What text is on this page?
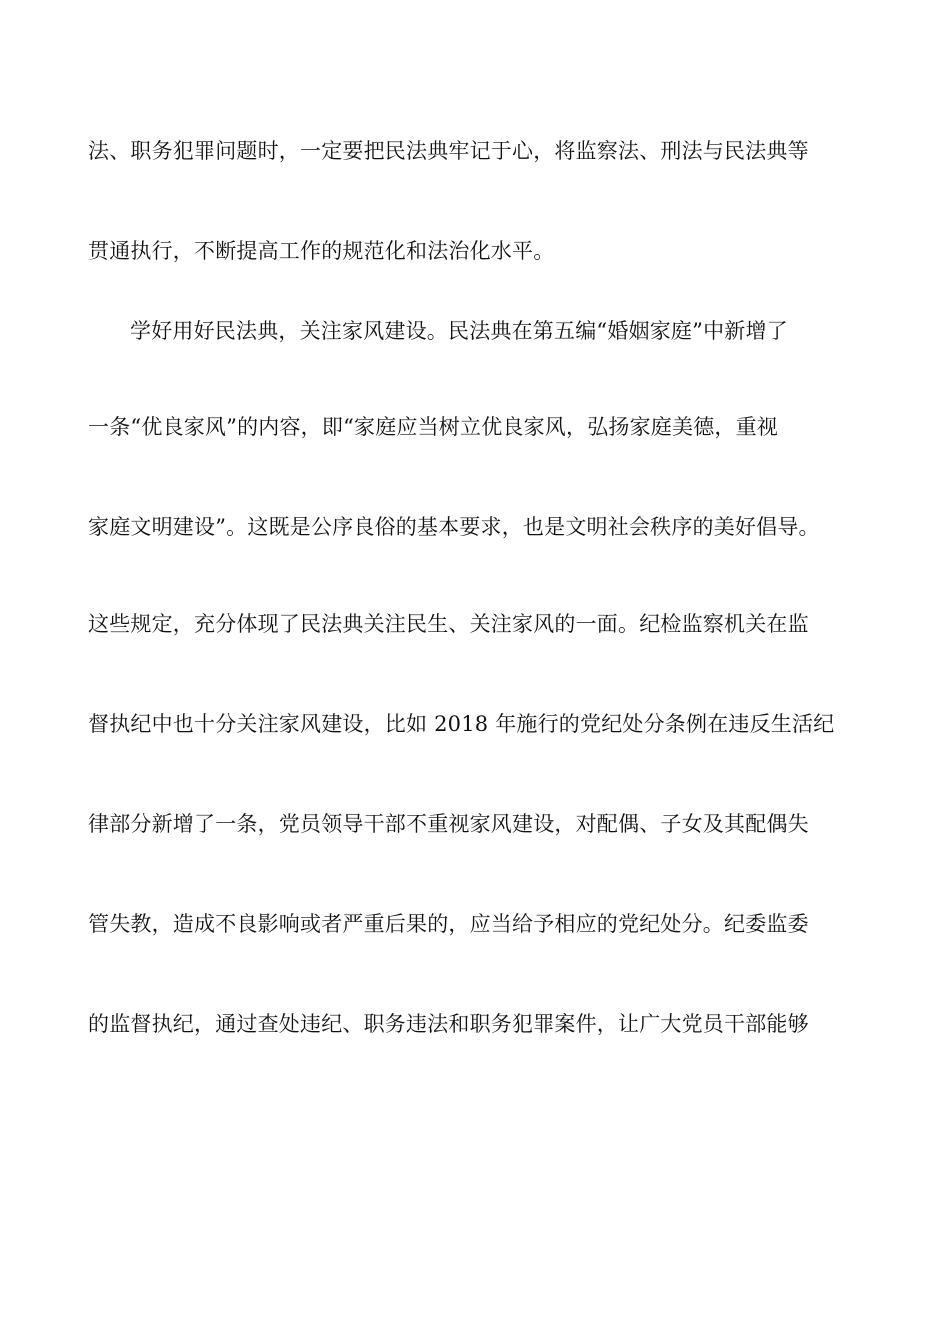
法、职务犯罪问题时，一定要把民法典牢记于心，将监察法、刑法与民法典等
贯通执行，不断提高工作的规范化和法治化水平。
学好用好民法典，关注家风建设。民法典在第五编“婚姻家庭”中新增了
一条“优良家风”的内容，即“家庭应当树立优良家风，弘扬家庭美德，重视
家庭文明建设”。这既是公序良俗的基本要求，也是文明社会秩序的美好倡导。
这些规定，充分体现了民法典关注民生、关注家风的一面。纪检监察机关在监
督执纪中也十分关注家风建设，比如 2018 年施行的党纪处分条例在违反生活纪
律部分新增了一条，党员领导干部不重视家风建设，对配偶、子女及其配偶失
管失教，造成不良影响或者严重后果的，应当给予相应的党纪处分。纪委监委
的监督执纪，通过查处违纪、职务违法和职务犯罪案件，让广大党员干部能够
